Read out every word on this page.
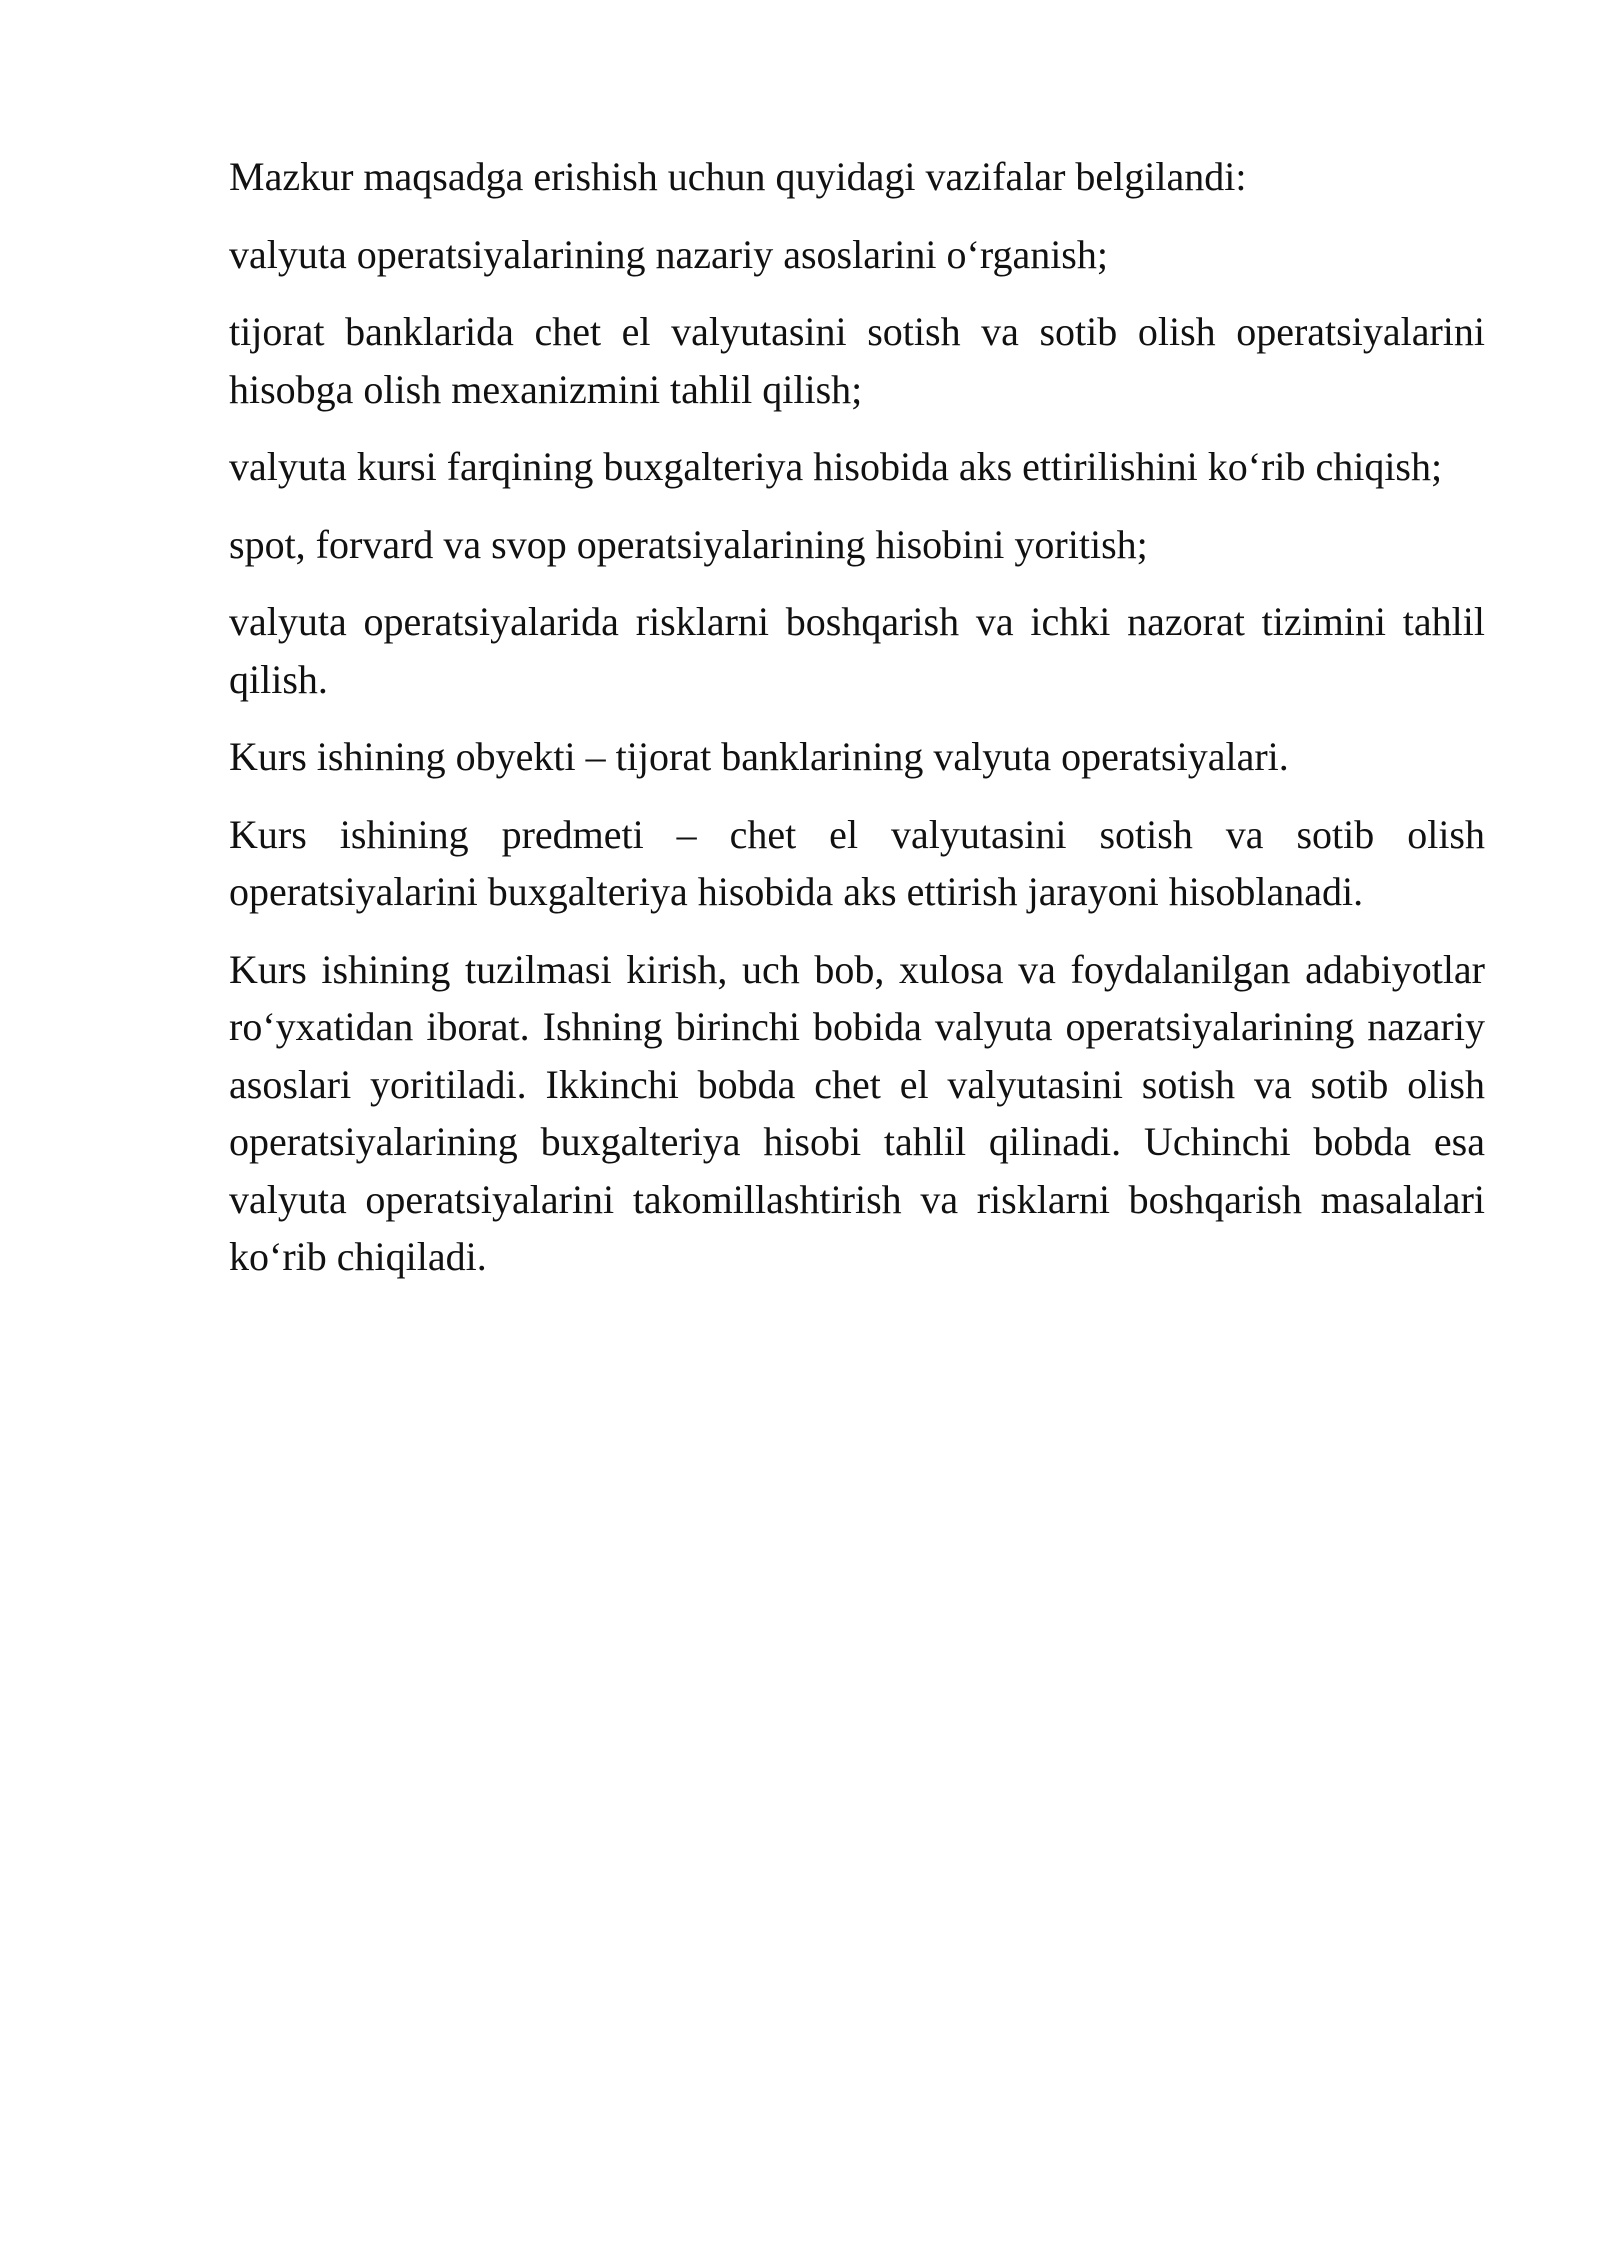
Mazkur maqsadga erishish uchun quyidagi vazifalar belgilandi:

valyuta operatsiyalarining nazariy asoslarini o‘rganish;

tijorat banklarida chet el valyutasini sotish va sotib olish operatsiyalarini hisobga olish mexanizmini tahlil qilish;

valyuta kursi farqining buxgalteriya hisobida aks ettirilishini ko‘rib chiqish;

spot, forvard va svop operatsiyalarining hisobini yoritish;

valyuta operatsiyalarida risklarni boshqarish va ichki nazorat tizimini tahlil qilish.

Kurs ishining obyekti – tijorat banklarining valyuta operatsiyalari.

Kurs ishining predmeti – chet el valyutasini sotish va sotib olish operatsiyalarini buxgalteriya hisobida aks ettirish jarayoni hisoblanadi.

Kurs ishining tuzilmasi kirish, uch bob, xulosa va foydalanilgan adabiyotlar ro‘yxatidan iborat. Ishning birinchi bobida valyuta operatsiyalarining nazariy asoslari yoritiladi. Ikkinchi bobda chet el valyutasini sotish va sotib olish operatsiyalarining buxgalteriya hisobi tahlil qilinadi. Uchinchi bobda esa valyuta operatsiyalarini takomillashtirish va risklarni boshqarish masalalari ko‘rib chiqiladi.
